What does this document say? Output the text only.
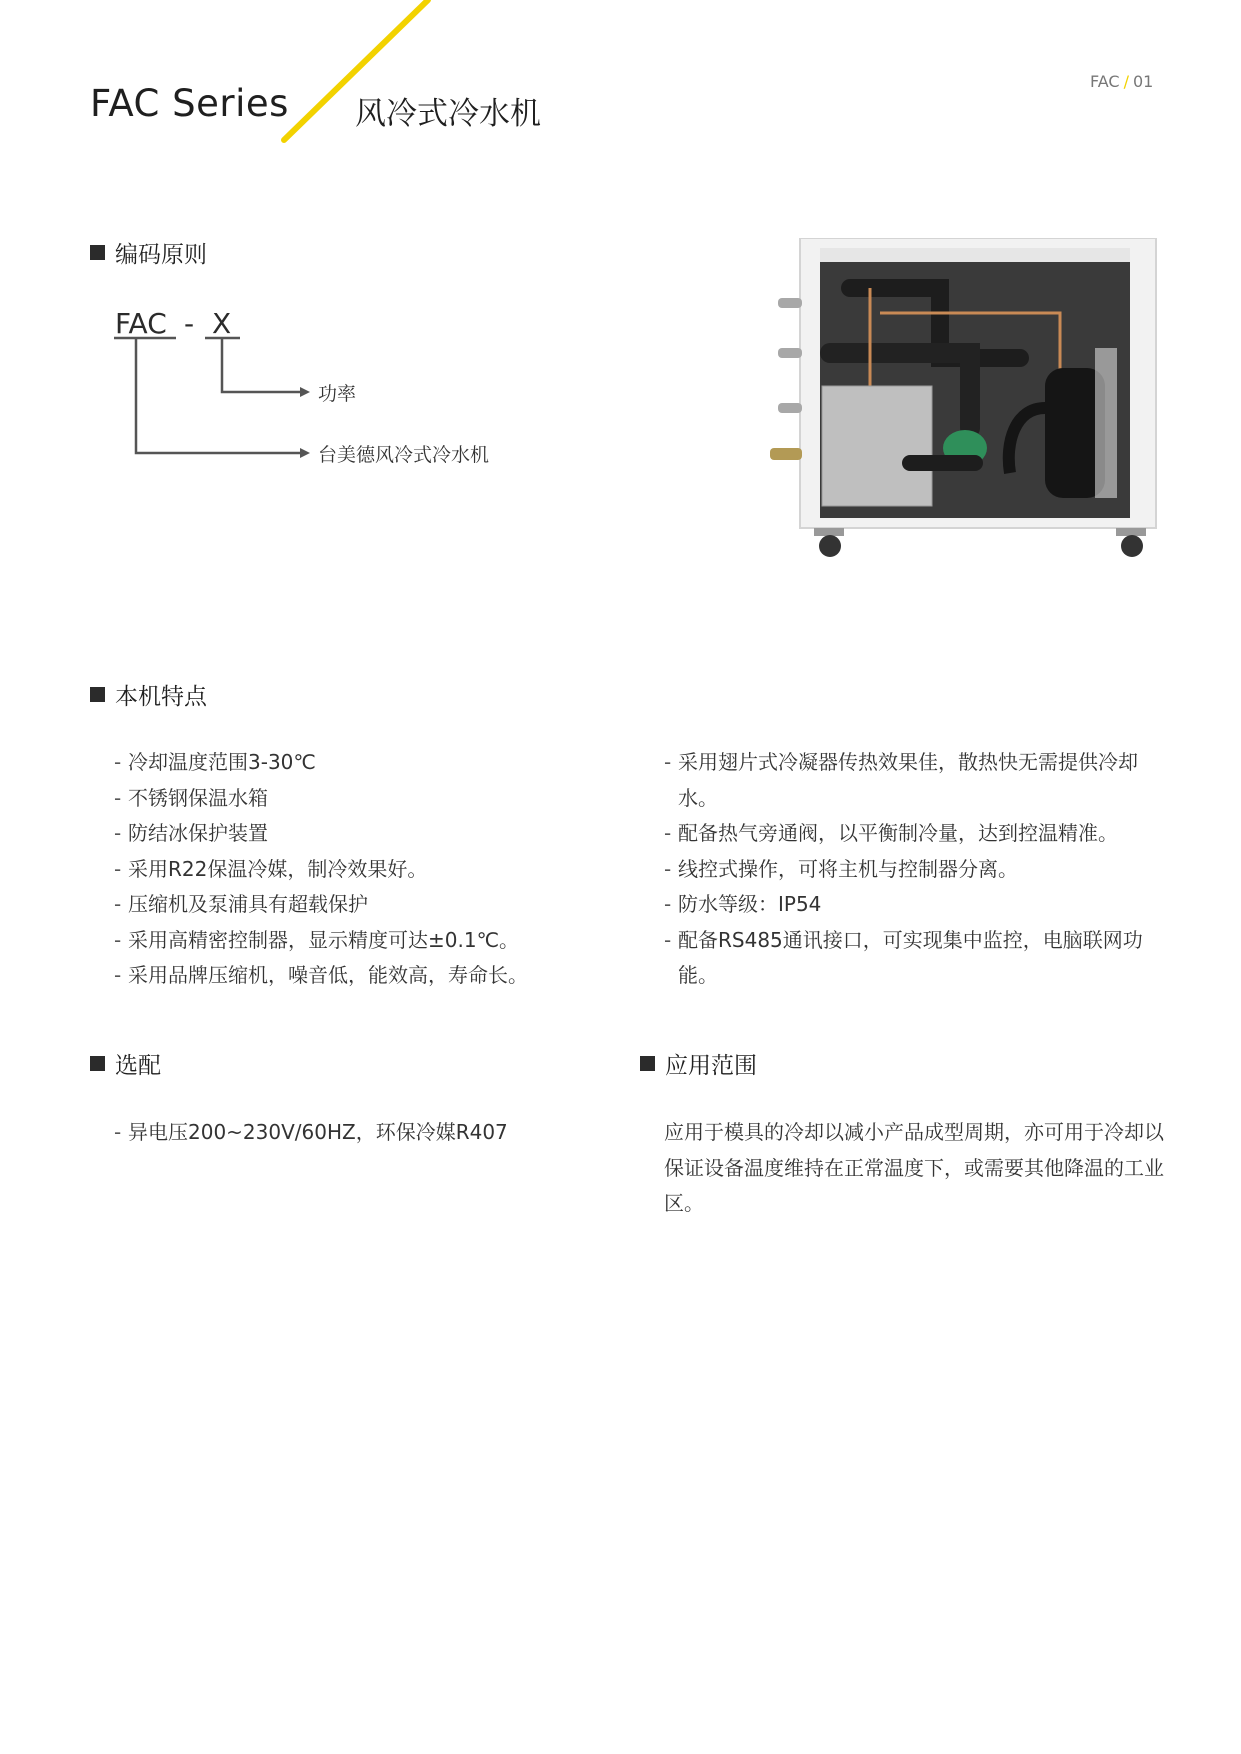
FAC Series 风冷式冷水机
FAC / 01
编码原则
FAC - X
功率
台美德风冷式冷水机
本机特点
- 冷却温度范围3-30℃
- 不锈钢保温水箱
- 防结冰保护装置
- 采用R22保温冷媒，制冷效果好。
- 压缩机及泵浦具有超载保护
- 采用高精密控制器，显示精度可达±0.1℃。
- 采用品牌压缩机，噪音低，能效高，寿命长。
- 采用翅片式冷凝器传热效果佳，散热快无需提供冷却水。
- 配备热气旁通阀，以平衡制冷量，达到控温精准。
- 线控式操作，可将主机与控制器分离。
- 防水等级：IP54
- 配备RS485通讯接口，可实现集中监控，电脑联网功能。
选配
- 异电压200~230V/60HZ，环保冷媒R407
应用范围
应用于模具的冷却以减小产品成型周期，亦可用于冷却以保证设备温度维持在正常温度下，或需要其他降温的工业区。
